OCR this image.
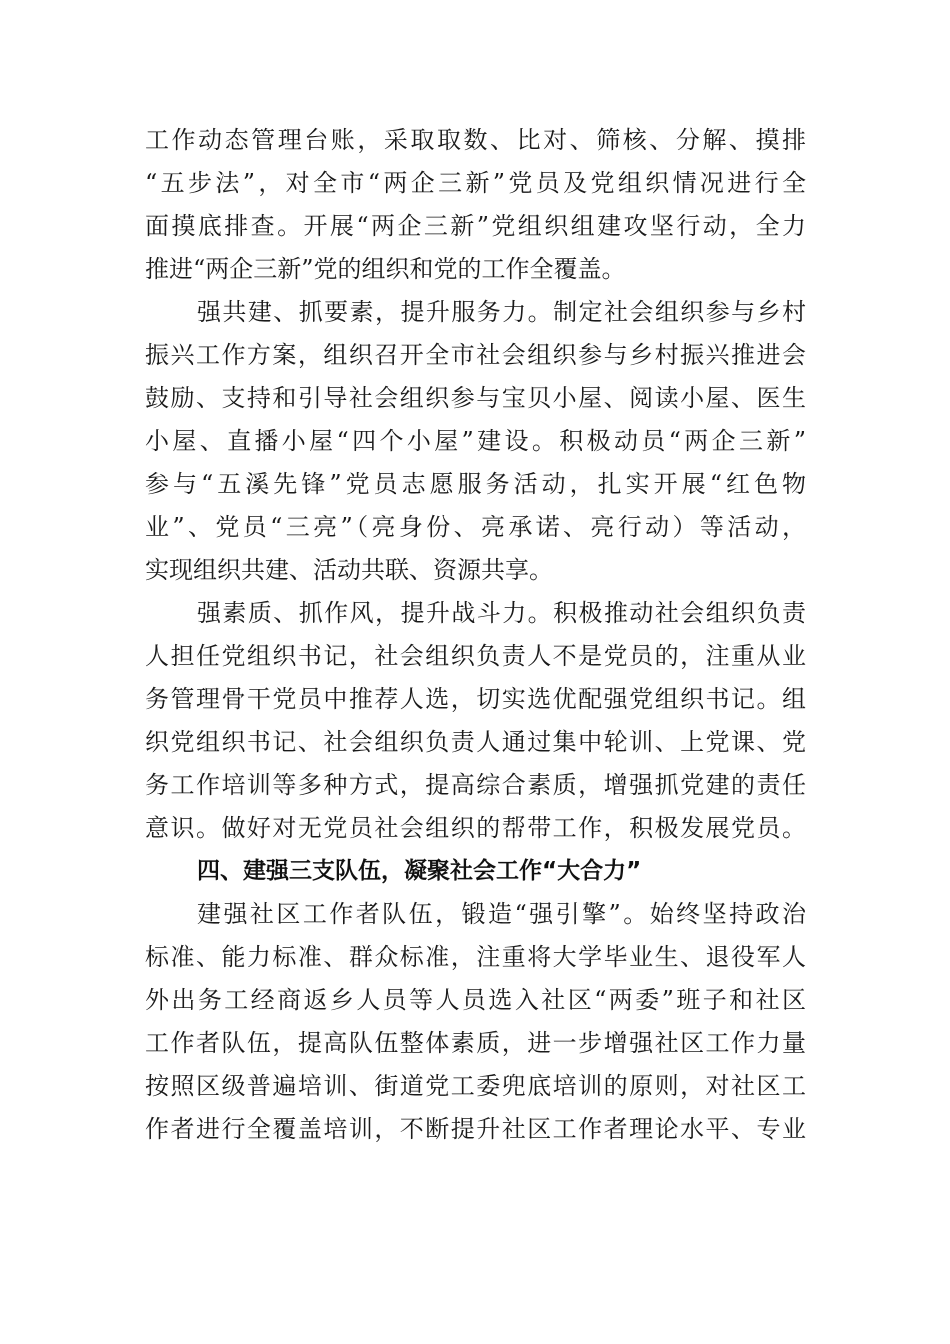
工作动态管理台账，采取取数、比对、筛核、分解、摸排
“五步法”，对全市“两企三新”党员及党组织情况进行全
面摸底排查。开展“两企三新”党组织组建攻坚行动，全力
推进“两企三新”党的组织和党的工作全覆盖。
强共建、抓要素，提升服务力。制定社会组织参与乡村
振兴工作方案，组织召开全市社会组织参与乡村振兴推进会
鼓励、支持和引导社会组织参与宝贝小屋、阅读小屋、医生
小屋、直播小屋“四个小屋”建设。积极动员“两企三新”
参与“五溪先锋”党员志愿服务活动，扎实开展“红色物
业”、党员“三亮”（亮身份、亮承诺、亮行动）等活动，
实现组织共建、活动共联、资源共享。
强素质、抓作风，提升战斗力。积极推动社会组织负责
人担任党组织书记，社会组织负责人不是党员的，注重从业
务管理骨干党员中推荐人选，切实选优配强党组织书记。组
织党组织书记、社会组织负责人通过集中轮训、上党课、党
务工作培训等多种方式，提高综合素质，增强抓党建的责任
意识。做好对无党员社会组织的帮带工作，积极发展党员。
四、建强三支队伍，凝聚社会工作“大合力”
建强社区工作者队伍，锻造“强引擎”。始终坚持政治
标准、能力标准、群众标准，注重将大学毕业生、退役军人
外出务工经商返乡人员等人员选入社区“两委”班子和社区
工作者队伍，提高队伍整体素质，进一步增强社区工作力量
按照区级普遍培训、街道党工委兜底培训的原则，对社区工
作者进行全覆盖培训，不断提升社区工作者理论水平、专业
